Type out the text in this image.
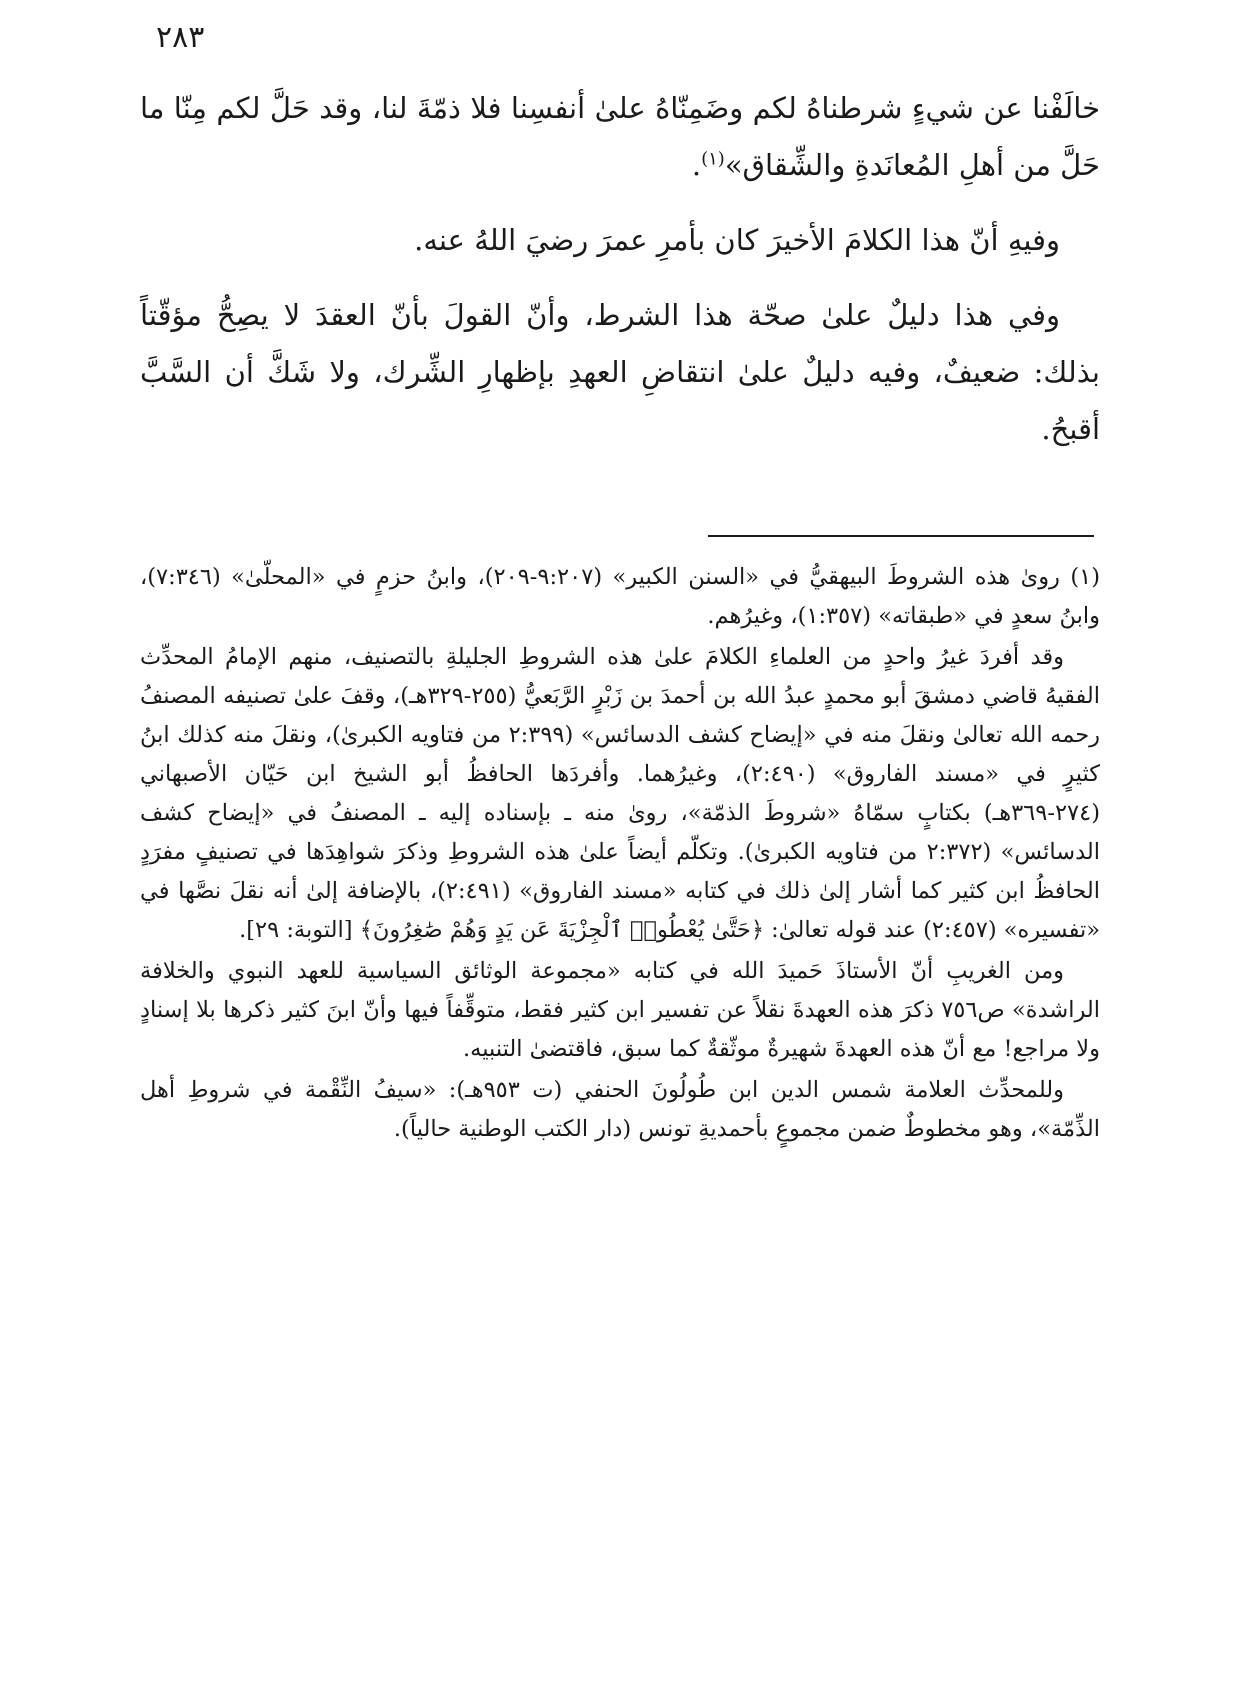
٢٨٣

خالَفْنا عن شيءٍ شرطناهُ لكم وضَمِنّاهُ علىٰ أنفسِنا فلا ذمّةَ لنا، وقد حَلَّ لكم مِنّا ما حَلَّ من أهلِ المُعانَدةِ والشِّقاق»$^{(١)}$.

وفيهِ أنّ هذا الكلامَ الأخيرَ كان بأمرِ عمرَ رضيَ اللهُ عنه.

وفي هذا دليلٌ علىٰ صحّة هذا الشرط، وأنّ القولَ بأنّ العقدَ لا يصِحُّ مؤقّتاً بذلك: ضعيفٌ، وفيه دليلٌ علىٰ انتقاضِ العهدِ بإظهارِ الشِّرك، ولا شَكَّ أن السَّبَّ أقبحُ.

(١) رویٰ هذه الشروطَ البيهقيُّ في «السنن الكبير» (٩:٢٠٧-٢٠٩)، وابنُ حزمٍ في «المحلّىٰ» (٧:٣٤٦)، وابنُ سعدٍ في «طبقاته» (١:٣٥٧)، وغيرُهم.

وقد أفردَ غيرُ واحدٍ من العلماءِ الكلامَ علىٰ هذه الشروطِ الجليلةِ بالتصنيف، منهم الإمامُ المحدِّث الفقيهُ قاضي دمشقَ أبو محمدٍ عبدُ الله بن أحمدَ بن زَبْرٍ الرَّبَعيُّ (٢٥٥-٣٢٩هـ)، وقفَ علىٰ تصنيفه المصنفُ رحمه الله تعالىٰ ونقلَ منه في «إيضاح كشف الدسائس» (٢:٣٩٩ من فتاويه الكبرىٰ)، ونقلَ منه كذلك ابنُ كثيرٍ في «مسند الفاروق» (٢:٤٩٠)، وغيرُهما. وأفردَها الحافظُ أبو الشيخ ابن حَيّان الأصبهاني (٢٧٤-٣٦٩هـ) بكتابٍ سمّاهُ «شروطَ الذمّة»، رویٰ منه ـ بإسناده إليه ـ المصنفُ في «إيضاح كشف الدسائس» (٢:٣٧٢ من فتاويه الكبرىٰ). وتكلّم أيضاً علىٰ هذه الشروطِ وذكرَ شواهِدَها في تصنيفٍ مفرَدٍ الحافظُ ابن كثير كما أشار إلىٰ ذلك في كتابه «مسند الفاروق» (٢:٤٩١)، بالإضافة إلىٰ أنه نقلَ نصَّها في «تفسيره» (٢:٤٥٧) عند قوله تعالىٰ: ﴿حَتَّىٰ يُعْطُوا۟ ٱلْجِزْيَةَ عَن يَدٍ وَهُمْ صَٰغِرُونَ﴾ [التوبة: ٢٩].

ومن الغريبِ أنّ الأستاذَ حَميدَ الله في كتابه «مجموعة الوثائق السياسية للعهد النبوي والخلافة الراشدة» ص٧٥٦ ذكرَ هذه العهدةَ نقلاً عن تفسير ابن كثير فقط، متوقِّفاً فيها وأنّ ابنَ كثير ذكرها بلا إسنادٍ ولا مراجع! مع أنّ هذه العهدةَ شهيرةٌ موثّقةٌ كما سبق، فاقتضىٰ التنبيه.

وللمحدِّث العلامة شمس الدين ابن طُولُونَ الحنفي (ت ٩٥٣هـ): «سيفُ النِّقْمة في شروطِ أهل الذِّمّة»، وهو مخطوطٌ ضمن مجموعٍ بأحمديةِ تونس (دار الكتب الوطنية حالياً).
